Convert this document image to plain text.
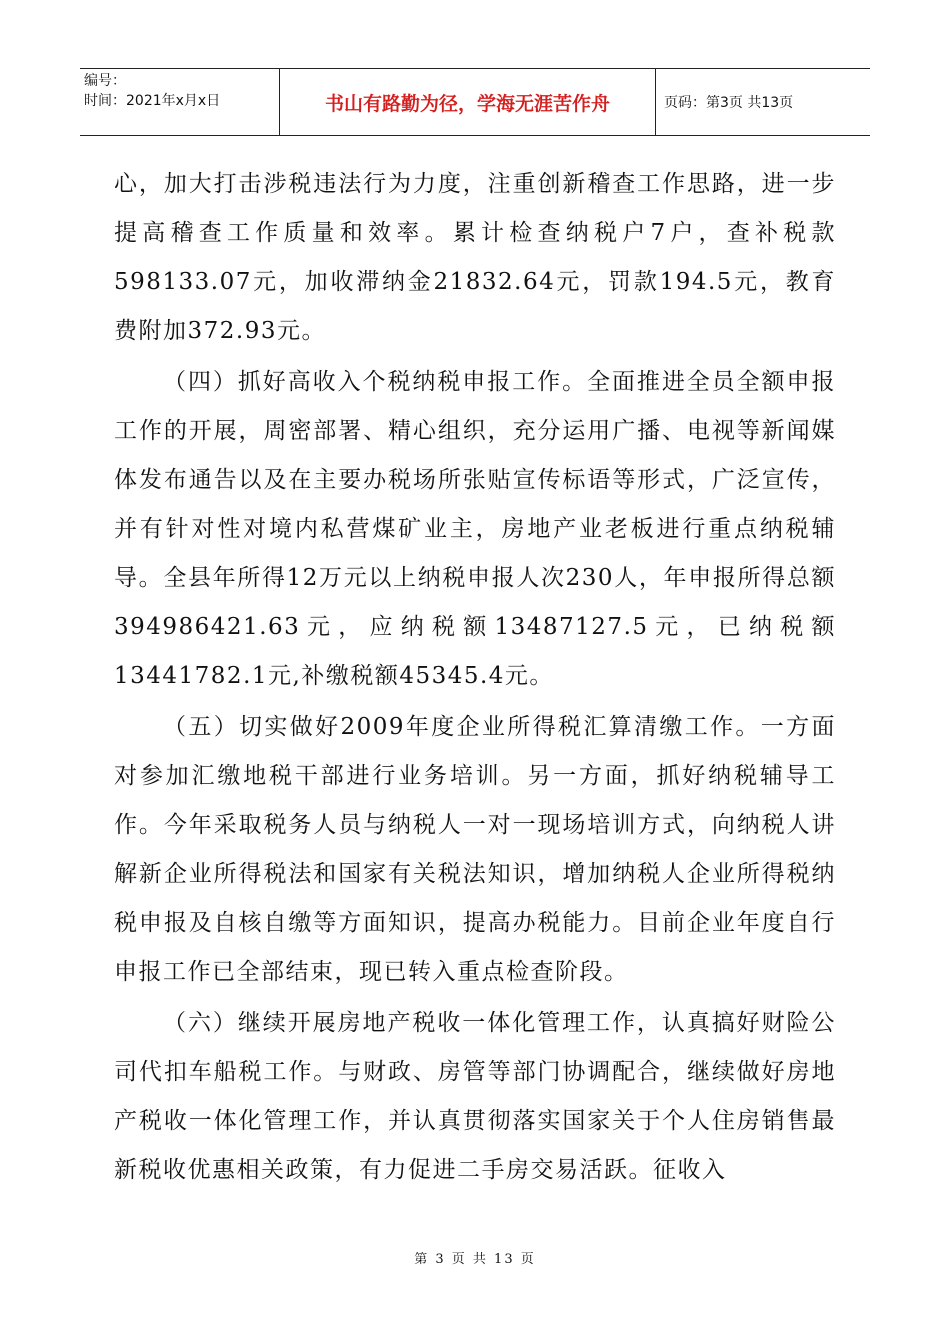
编号：
时间：2021年x月x日	书山有路勤为径，学海无涯苦作舟	页码：第3页 共13页

心，加大打击涉税违法行为力度，注重创新稽查工作思路，进一步提高稽查工作质量和效率。累计检查纳税户7户，查补税款598133.07元，加收滞纳金21832.64元，罚款194.5元，教育费附加372.93元。

（四）抓好高收入个税纳税申报工作。全面推进全员全额申报工作的开展，周密部署、精心组织，充分运用广播、电视等新闻媒体发布通告以及在主要办税场所张贴宣传标语等形式，广泛宣传，并有针对性对境内私营煤矿业主，房地产业老板进行重点纳税辅导。全县年所得12万元以上纳税申报人次230人，年申报所得总额394986421.63元，应纳税额13487127.5元，已纳税额13441782.1元,补缴税额45345.4元。

（五）切实做好2009年度企业所得税汇算清缴工作。一方面对参加汇缴地税干部进行业务培训。另一方面，抓好纳税辅导工作。今年采取税务人员与纳税人一对一现场培训方式，向纳税人讲解新企业所得税法和国家有关税法知识，增加纳税人企业所得税纳税申报及自核自缴等方面知识，提高办税能力。目前企业年度自行申报工作已全部结束，现已转入重点检查阶段。

（六）继续开展房地产税收一体化管理工作，认真搞好财险公司代扣车船税工作。与财政、房管等部门协调配合，继续做好房地产税收一体化管理工作，并认真贯彻落实国家关于个人住房销售最新税收优惠相关政策，有力促进二手房交易活跃。征收入

第 3 页 共 13 页
